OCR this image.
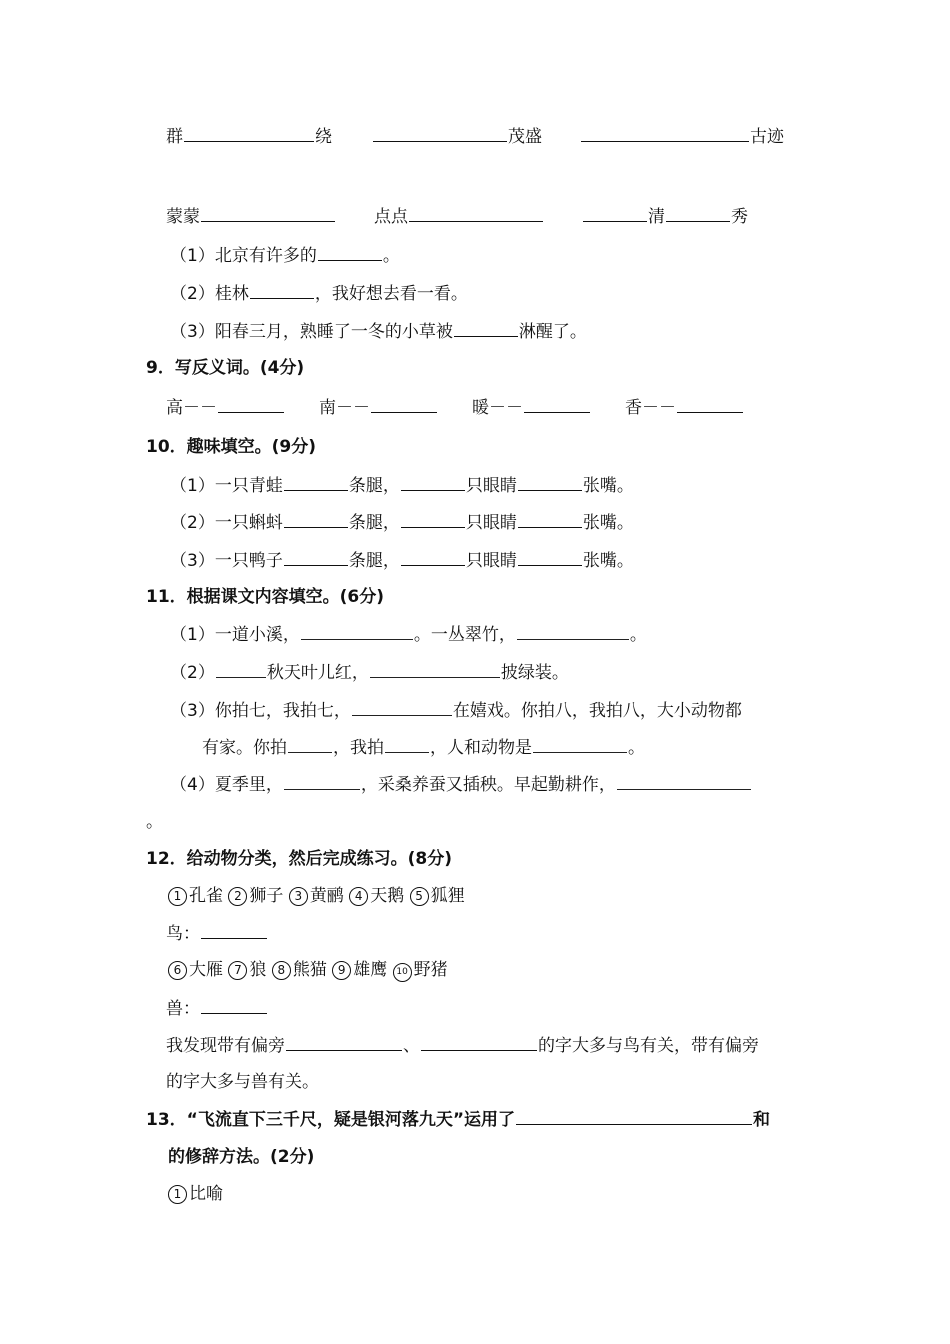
群	绕	茂盛	古迹
蒙蒙	点点	清	秀
（1）北京有许多的	。
（2）桂林	，我好想去看一看。
（3）阳春三月，熟睡了一冬的小草被	淋醒了。
9．写反义词。(4分)
高－－	南－－	暖－－	香－－
10．趣味填空。(9分)
（1）一只青蛙	条腿，	只眼睛	张嘴。
（2）一只蝌蚪	条腿，	只眼睛	张嘴。
（3）一只鸭子	条腿，	只眼睛	张嘴。
11．根据课文内容填空。(6分)
（1）一道小溪，	。一丛翠竹，	。
（2）	秋天叶儿红，	披绿装。
（3）你拍七，我拍七，	在嬉戏。你拍八，我拍八，大小动物都
有家。你拍	，我拍	，人和动物是	。
（4）夏季里，	，采桑养蚕又插秧。早起勤耕作，
。
12．给动物分类，然后完成练习。(8分)
1 孔雀 2 狮子 3 黄鹂 4 天鹅 5 狐狸
鸟：
6 大雁 7 狼 8 熊猫 9 雄鹰 10 野猪
兽：
我发现带有偏旁	、	的字大多与鸟有关，带有偏旁
的字大多与兽有关。
13．“飞流直下三千尺，疑是银河落九天”运用了	和
的修辞方法。(2分)
1 比喻
